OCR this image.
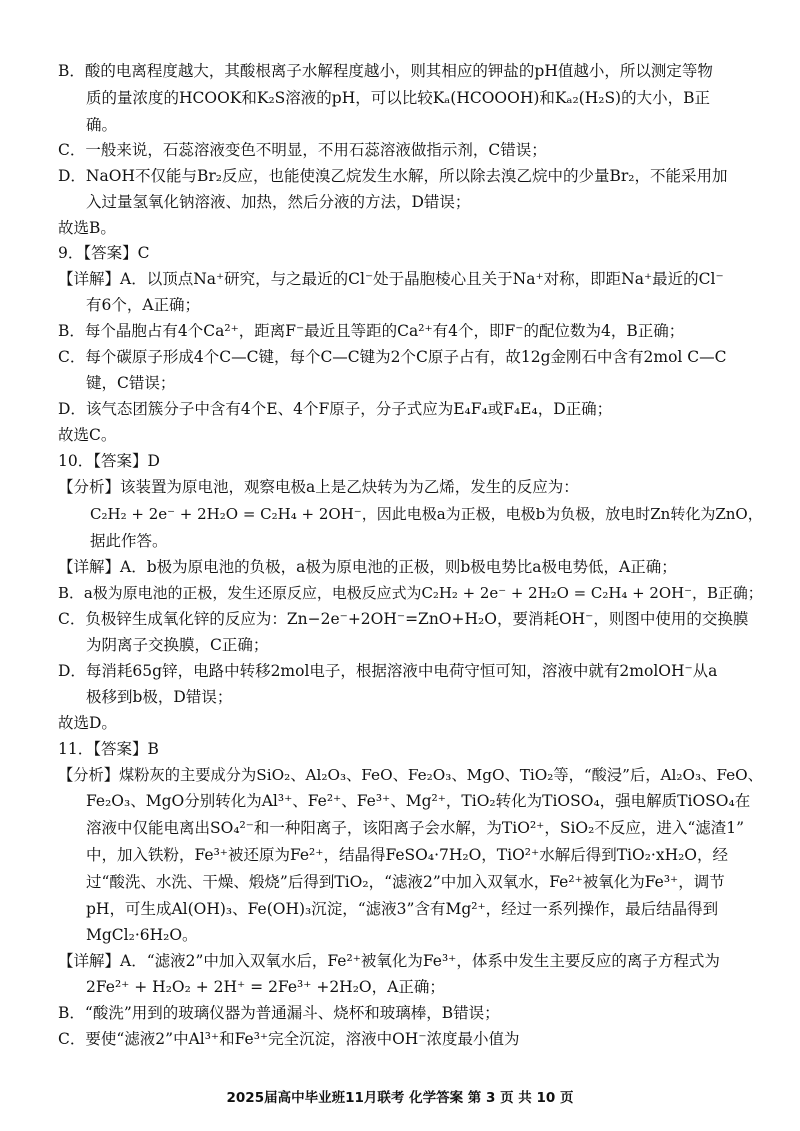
B．酸的电离程度越大，其酸根离子水解程度越小，则其相应的钾盐的pH值越小，所以测定等物
质的量浓度的HCOOK和K₂S溶液的pH，可以比较Kₐ(HCOOOH)和Kₐ₂(H₂S)的大小，B正
确。
C．一般来说，石蕊溶液变色不明显，不用石蕊溶液做指示剂，C错误；
D．NaOH不仅能与Br₂反应，也能使溴乙烷发生水解，所以除去溴乙烷中的少量Br₂，不能采用加
入过量氢氧化钠溶液、加热，然后分液的方法，D错误；
故选B。
9．【答案】C
【详解】A．以顶点Na⁺研究，与之最近的Cl⁻处于晶胞棱心且关于Na⁺对称，即距Na⁺最近的Cl⁻
有6个，A正确；
B．每个晶胞占有4个Ca²⁺，距离F⁻最近且等距的Ca²⁺有4个，即F⁻的配位数为4，B正确；
C．每个碳原子形成4个C—C键，每个C—C键为2个C原子占有，故12g金刚石中含有2mol C—C
键，C错误；
D．该气态团簇分子中含有4个E、4个F原子，分子式应为E₄F₄或F₄E₄，D正确；
故选C。
10．【答案】D
【分析】该装置为原电池，观察电极a上是乙炔转为为乙烯，发生的反应为：
C₂H₂ + 2e⁻ + 2H₂O = C₂H₄ + 2OH⁻，因此电极a为正极，电极b为负极，放电时Zn转化为ZnO，
据此作答。
【详解】A．b极为原电池的负极，a极为原电池的正极，则b极电势比a极电势低，A正确；
B．a极为原电池的正极，发生还原反应，电极反应式为C₂H₂ + 2e⁻ + 2H₂O = C₂H₄ + 2OH⁻，B正确；
C．负极锌生成氧化锌的反应为：Zn−2e⁻+2OH⁻=ZnO+H₂O，要消耗OH⁻，则图中使用的交换膜
为阴离子交换膜，C正确；
D．每消耗65g锌，电路中转移2mol电子，根据溶液中电荷守恒可知，溶液中就有2molOH⁻从a
极移到b极，D错误；
故选D。
11．【答案】B
【分析】煤粉灰的主要成分为SiO₂、Al₂O₃、FeO、Fe₂O₃、MgO、TiO₂等，“酸浸”后，Al₂O₃、FeO、
Fe₂O₃、MgO分别转化为Al³⁺、Fe²⁺、Fe³⁺、Mg²⁺，TiO₂转化为TiOSO₄，强电解质TiOSO₄在
溶液中仅能电离出SO₄²⁻和一种阳离子，该阳离子会水解，为TiO²⁺，SiO₂不反应，进入“滤渣1”
中，加入铁粉，Fe³⁺被还原为Fe²⁺，结晶得FeSO₄·7H₂O，TiO²⁺水解后得到TiO₂·xH₂O，经
过“酸洗、水洗、干燥、煅烧”后得到TiO₂，“滤液2”中加入双氧水，Fe²⁺被氧化为Fe³⁺，调节
pH，可生成Al(OH)₃、Fe(OH)₃沉淀，“滤液3”含有Mg²⁺，经过一系列操作，最后结晶得到
MgCl₂·6H₂O。
【详解】A．“滤液2”中加入双氧水后，Fe²⁺被氧化为Fe³⁺，体系中发生主要反应的离子方程式为
2Fe²⁺ + H₂O₂ + 2H⁺ = 2Fe³⁺ +2H₂O，A正确；
B．“酸洗”用到的玻璃仪器为普通漏斗、烧杯和玻璃棒，B错误；
C．要使“滤液2”中Al³⁺和Fe³⁺完全沉淀，溶液中OH⁻浓度最小值为
2025届高中毕业班11月联考 化学答案 第 3 页 共 10 页
